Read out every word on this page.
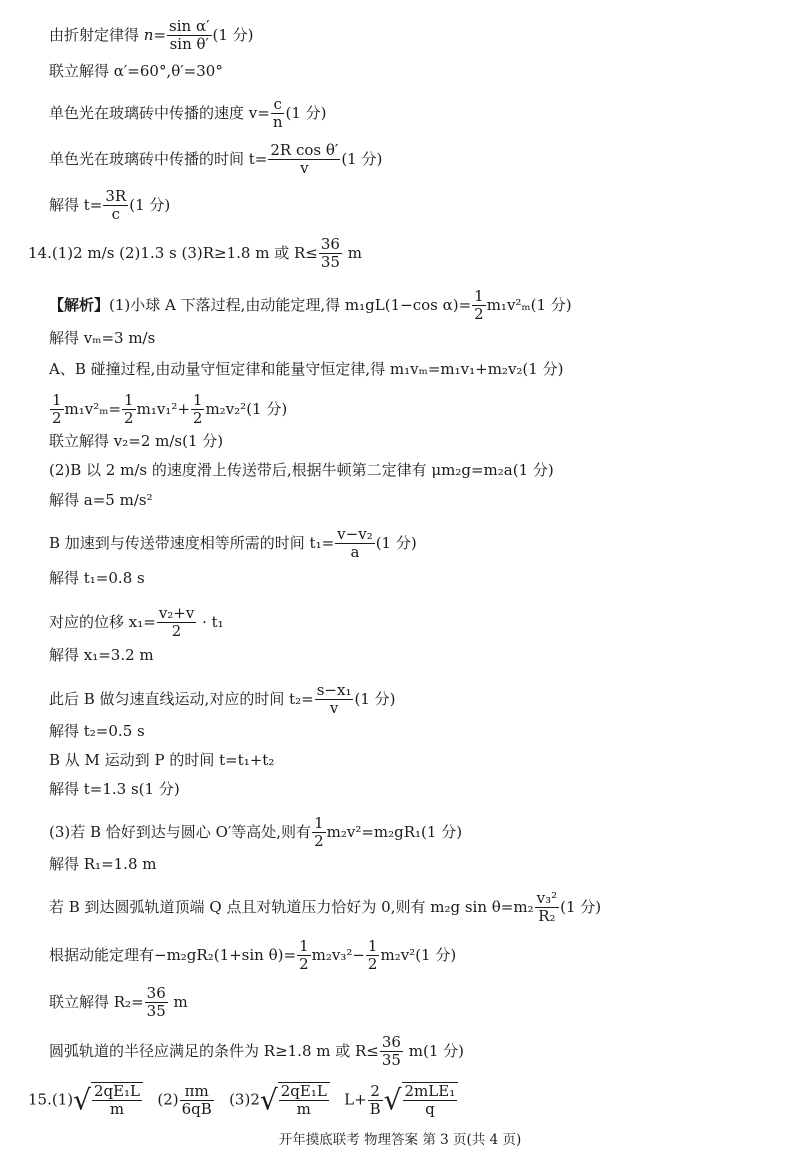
由折射定律得 $n= \frac{\text{sin α′}}{\text{sin θ′}} (1$ 分)
联立解得 α′=60°,θ′=30°
单色光在玻璃砖中传播的速度 $v= \frac{c}{n} (1$ 分)
单色光在玻璃砖中传播的时间 $t= \frac{\text{2R cos θ′}}{v} (1$ 分)
解得 $t= \frac{3R}{c} (1$ 分)
14.(1)2 m/s (2)1.3 s (3)R≥1.8 m 或 $R\le \frac{36}{35}$ m
【解析】(1)小球 A 下落过程,由动能定理,得 m₁gL(1−cos $\alpha)= \frac{1}{2} m_1v^2_m(1$ 分)
解得 vₘ=3 m/s
A、B 碰撞过程,由动量守恒定律和能量守恒定律,得 m₁vₘ=m₁v₁+m₂v₂(1 分)
$\frac{1}{2} m_1v^2_m= \frac{1}{2} m_1v_1^2+ \frac{1}{2} m_2v_2^2(1$ 分)
联立解得 v₂=2 m/s(1 分)
(2)B 以 2 m/s 的速度滑上传送带后,根据牛顿第二定律有 μm₂g=m₂a(1 分)
解得 a=5 m/s²
B 加速到与传送带速度相等所需的时间 $t_1= \frac{\text{v−v₂}}{a} (1$ 分)
解得 t₁=0.8 s
对应的位移 $x_1= \frac{\text{v₂+v}}{2} \cdot t_1$
解得 x₁=3.2 m
此后 B 做匀速直线运动,对应的时间 $t_2= \frac{\text{s−x₁}}{v} (1$ 分)
解得 t₂=0.5 s
B 从 M 运动到 P 的时间 t=t₁+t₂
解得 t=1.3 s(1 分)
(3)若 B 恰好到达与圆心 O′等高处,则有 $\frac{1}{2} m_2v^2=m_2gR_1(1$ 分)
解得 R₁=1.8 m
若 B 到达圆弧轨道顶端 Q 点且对轨道压力恰好为 0,则有 m₂g $\sin \theta=m_2 \frac{\text{v₃²}}{\text{R₂}} (1$ 分)
根据动能定理有−m₂gR₂(1+sin $\theta)= \frac{1}{2} m_2v_3^2- \frac{1}{2} m_2v^2(1$ 分)
联立解得 $R_2= \frac{36}{35}$ m
圆弧轨道的半径应满足的条件为 R≥1.8 m 或 $R\le \frac{36}{35} m(1$ 分)
$15.(1)√ \frac{\text{2qE₁L}}{m} (2) \frac{\pi m}{6qB} (3)2√ \frac{\text{2qE₁L}}{m} L+ \frac{2}{B}$ √ $\frac{\text{2mLE₁}}{q}$
开年摸底联考 物理答案 第 3 页(共 4 页)
